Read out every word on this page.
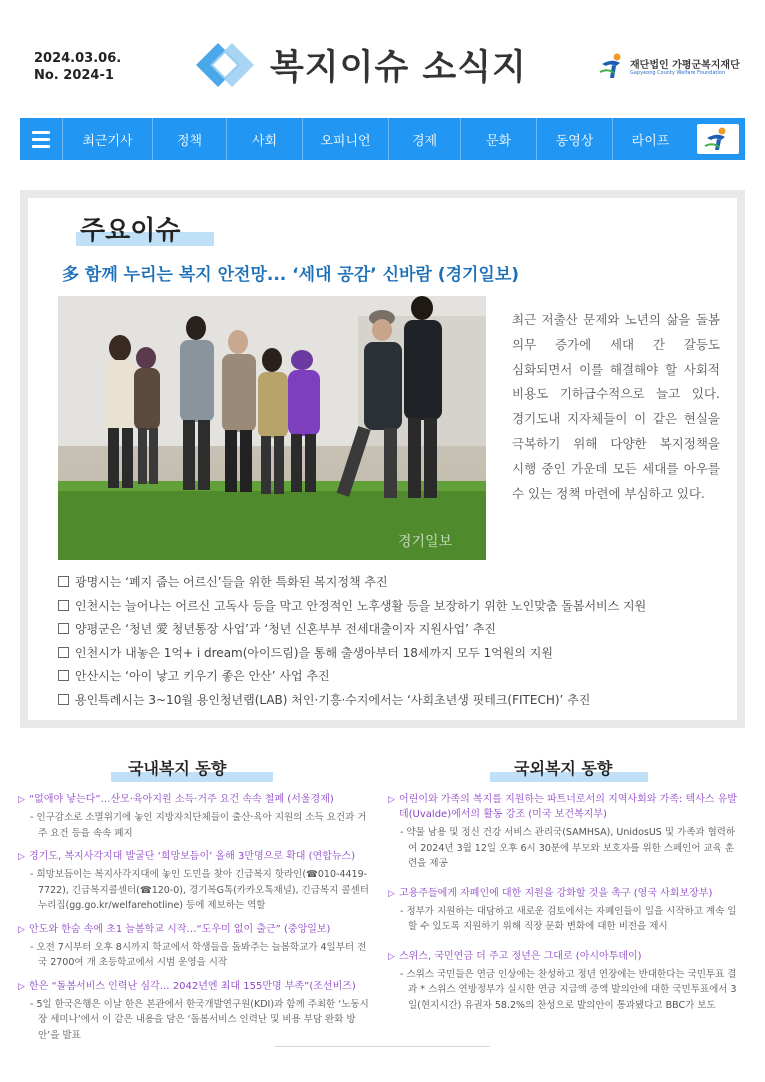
2024.03.06.
No. 2024-1	복지이슈 소식지	재단법인 가평군복지재단
Gapyeong County Welfare Foundation
최근기사	정책	사회	오피니언	경제	문화	동영상	라이프
주요이슈
多 함께 누리는 복지 안전망... ‘세대 공감’ 신바람 (경기일보)
경기일보
최근 저출산 문제와 노년의 삶을 돌봄 의무 증가에 세대 간 갈등도 심화되면서 이를 해결해야 할 사회적 비용도 기하급수적으로 늘고 있다. 경기도내 지자체들이 이 같은 현실을 극복하기 위해 다양한 복지정책을 시행 중인 가운데 모든 세대를 아우를 수 있는 정책 마련에 부심하고 있다.
광명시는 ‘폐지 줍는 어르신’들을 위한 특화된 복지정책 추진
인천시는 늘어나는 어르신 고독사 등을 막고 안정적인 노후생활 등을 보장하기 위한 노인맞춤 돌봄서비스 지원
양평군은 ‘청년 愛 청년통장 사업’과 ‘청년 신혼부부 전세대출이자 지원사업’ 추진
인천시가 내놓은 1억+ i dream(아이드림)을 통해 출생아부터 18세까지 모두 1억원의 지원
안산시는 ‘아이 낳고 키우기 좋은 안산’ 사업 추진
용인특례시는 3~10월 용인청년랩(LAB) 처인·기흥·수지에서는 ‘사회초년생 핏테크(FITECH)’ 추진
국내복지 동향
▷ “없애야 낳는다”…산모·육아지원 소득·거주 요건 속속 철폐 (서울경제)
- 인구감소로 소멸위기에 놓인 지방자치단체들이 출산·육아 지원의 소득 요건과 거주 요건 등을 속속 폐지
▷ 경기도, 복지사각지대 발굴단 ‘희망보듬이’ 올해 3만명으로 확대 (연합뉴스)
- 희망보듬이는 복지사각지대에 놓인 도민을 찾아 긴급복지 핫라인(☎010-4419-7722), 긴급복지콜센터(☎120-0), 경기복G톡(카카오톡채널), 긴급복지 콜센터 누리집(gg.go.kr/welfarehotline) 등에 제보하는 역할
▷ 안도와 한숨 속에 초1 늘봄학교 시작…“도우미 없이 출근” (중앙일보)
- 오전 7시부터 오후 8시까지 학교에서 학생들을 돌봐주는 늘봄학교가 4일부터 전국 2700여 개 초등학교에서 시범 운영을 시작
▷ 한은 “돌봄서비스 인력난 심각… 2042년엔 최대 155만명 부족”(조선비즈)
- 5일 한국은행은 이날 한은 본관에서 한국개발연구원(KDI)과 함께 주최한 ‘노동시장 세미나’에서 이 같은 내용을 담은 ‘돌봄서비스 인력난 및 비용 부담 완화 방안’을 발표
국외복지 동향
▷ 어린이와 가족의 복지를 지원하는 파트너로서의 지역사회와 가족: 텍사스 유발데(Uvalde)에서의 활동 강조 (미국 보건복지부)
- 약물 남용 및 정신 건강 서비스 관리국(SAMHSA), UnidosUS 및 가족과 협력하여 2024년 3월 12일 오후 6시 30분에 부모와 보호자를 위한 스페인어 교육 훈련을 제공
▷ 고용주들에게 자폐인에 대한 지원을 강화할 것을 촉구 (영국 사회보장부)
- 정부가 지원하는 대담하고 새로운 검토에서는 자폐인들이 일을 시작하고 계속 일할 수 있도록 지원하기 위해 직장 문화 변화에 대한 비전을 제시
▷ 스위스, 국민연금 더 주고 정년은 그대로 (아시아투데이)
- 스위스 국민들은 연금 인상에는 찬성하고 정년 연장에는 반대한다는 국민투표 결과 * 스위스 연방정부가 실시한 연금 지급액 증액 발의안에 대한 국민투표에서 3일(현지시간) 유권자 58.2%의 찬성으로 발의안이 통과됐다고 BBC가 보도
